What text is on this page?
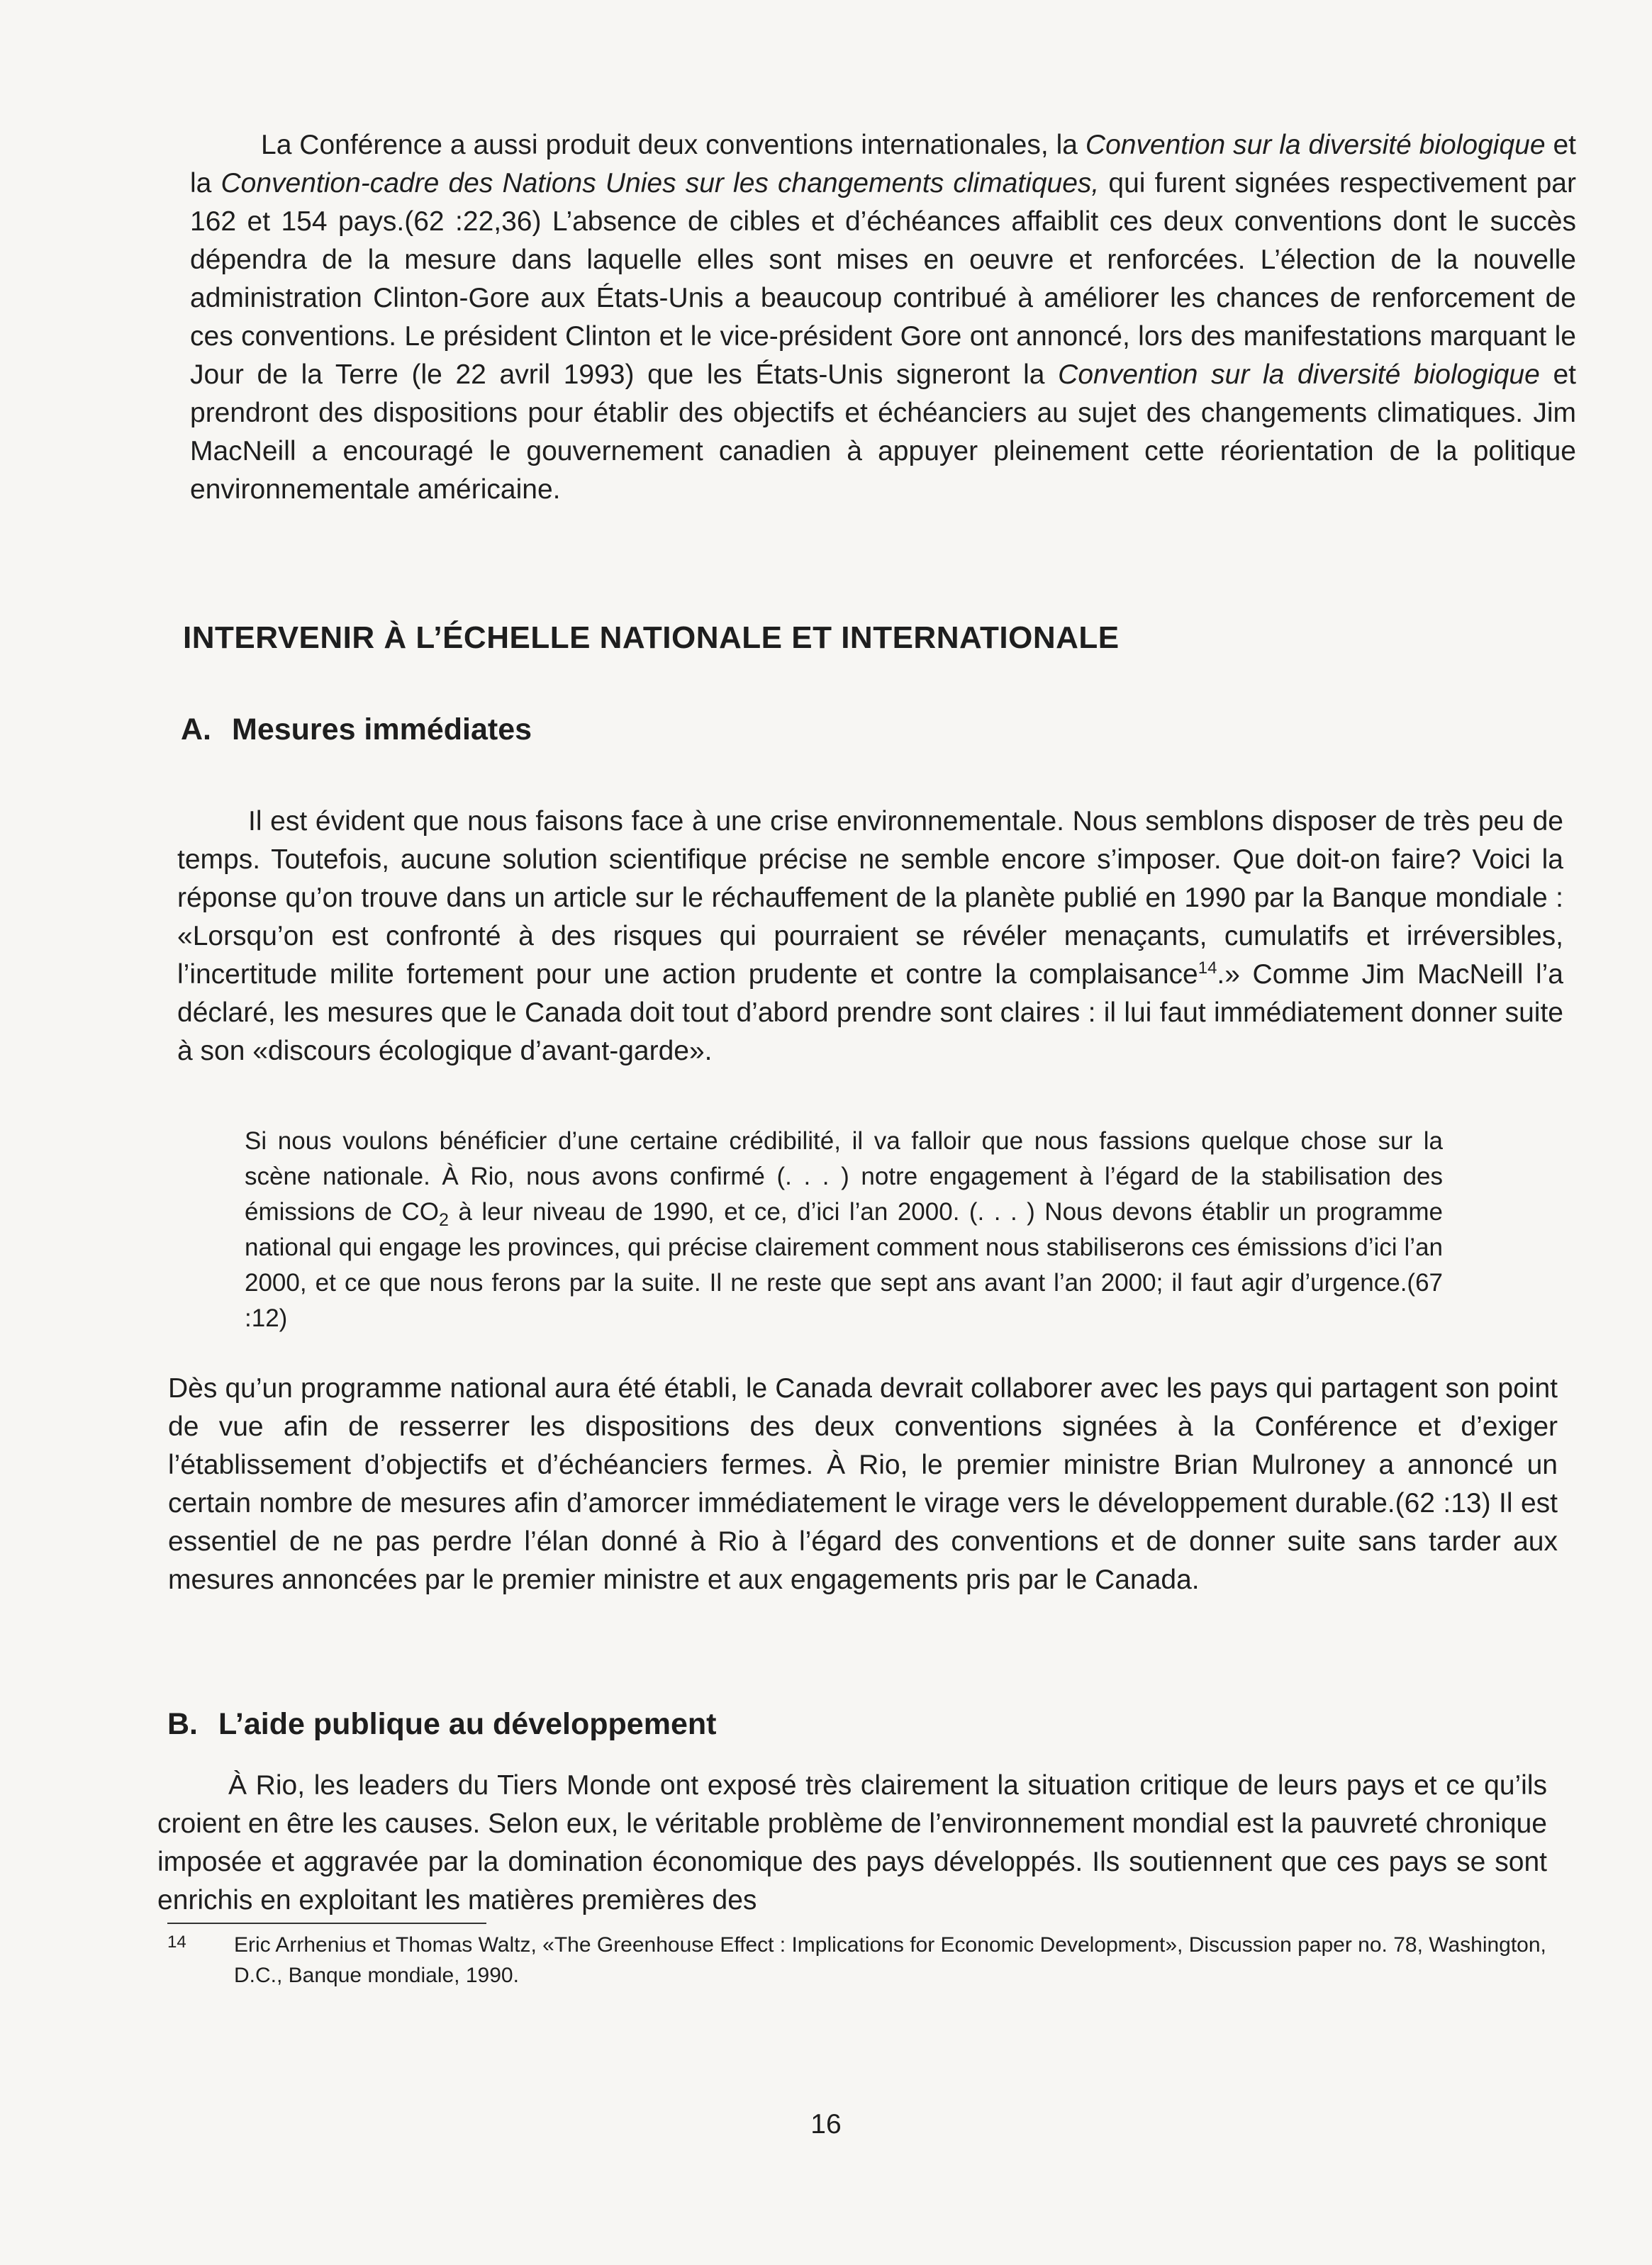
La Conférence a aussi produit deux conventions internationales, la Convention sur la diversité biologique et la Convention-cadre des Nations Unies sur les changements climatiques, qui furent signées respectivement par 162 et 154 pays.(62 :22,36) L’absence de cibles et d’échéances affaiblit ces deux conventions dont le succès dépendra de la mesure dans laquelle elles sont mises en oeuvre et renforcées. L’élection de la nouvelle administration Clinton-Gore aux États-Unis a beaucoup contribué à améliorer les chances de renforcement de ces conventions. Le président Clinton et le vice-président Gore ont annoncé, lors des manifestations marquant le Jour de la Terre (le 22 avril 1993) que les États-Unis signeront la Convention sur la diversité biologique et prendront des dispositions pour établir des objectifs et échéanciers au sujet des changements climatiques. Jim MacNeill a encouragé le gouvernement canadien à appuyer pleinement cette réorientation de la politique environnementale américaine.

INTERVENIR À L’ÉCHELLE NATIONALE ET INTERNATIONALE
A. Mesures immédiates

Il est évident que nous faisons face à une crise environnementale. Nous semblons disposer de très peu de temps. Toutefois, aucune solution scientifique précise ne semble encore s’imposer. Que doit-on faire? Voici la réponse qu’on trouve dans un article sur le réchauffement de la planète publié en 1990 par la Banque mondiale : «Lorsqu’on est confronté à des risques qui pourraient se révéler menaçants, cumulatifs et irréversibles, l’incertitude milite fortement pour une action prudente et contre la complaisance$^{14}$.» Comme Jim MacNeill l’a déclaré, les mesures que le Canada doit tout d’abord prendre sont claires : il lui faut immédiatement donner suite à son «discours écologique d’avant-garde».

Si nous voulons bénéficier d’une certaine crédibilité, il va falloir que nous fassions quelque chose sur la scène nationale. À Rio, nous avons confirmé (. . . ) notre engagement à l’égard de la stabilisation des émissions de $CO_2$ à leur niveau de 1990, et ce, d’ici l’an 2000. (. . . ) Nous devons établir un programme national qui engage les provinces, qui précise clairement comment nous stabiliserons ces émissions d’ici l’an 2000, et ce que nous ferons par la suite. Il ne reste que sept ans avant l’an 2000; il faut agir d’urgence.(67 :12)

Dès qu’un programme national aura été établi, le Canada devrait collaborer avec les pays qui partagent son point de vue afin de resserrer les dispositions des deux conventions signées à la Conférence et d’exiger l’établissement d’objectifs et d’échéanciers fermes. À Rio, le premier ministre Brian Mulroney a annoncé un certain nombre de mesures afin d’amorcer immédiatement le virage vers le développement durable.(62 :13) Il est essentiel de ne pas perdre l’élan donné à Rio à l’égard des conventions et de donner suite sans tarder aux mesures annoncées par le premier ministre et aux engagements pris par le Canada.

B. L’aide publique au développement

À Rio, les leaders du Tiers Monde ont exposé très clairement la situation critique de leurs pays et ce qu’ils croient en être les causes. Selon eux, le véritable problème de l’environnement mondial est la pauvreté chronique imposée et aggravée par la domination économique des pays développés. Ils soutiennent que ces pays se sont enrichis en exploitant les matières premières des

14 Eric Arrhenius et Thomas Waltz, «The Greenhouse Effect : Implications for Economic Development», Discussion paper no. 78, Washington, D.C., Banque mondiale, 1990.
16
